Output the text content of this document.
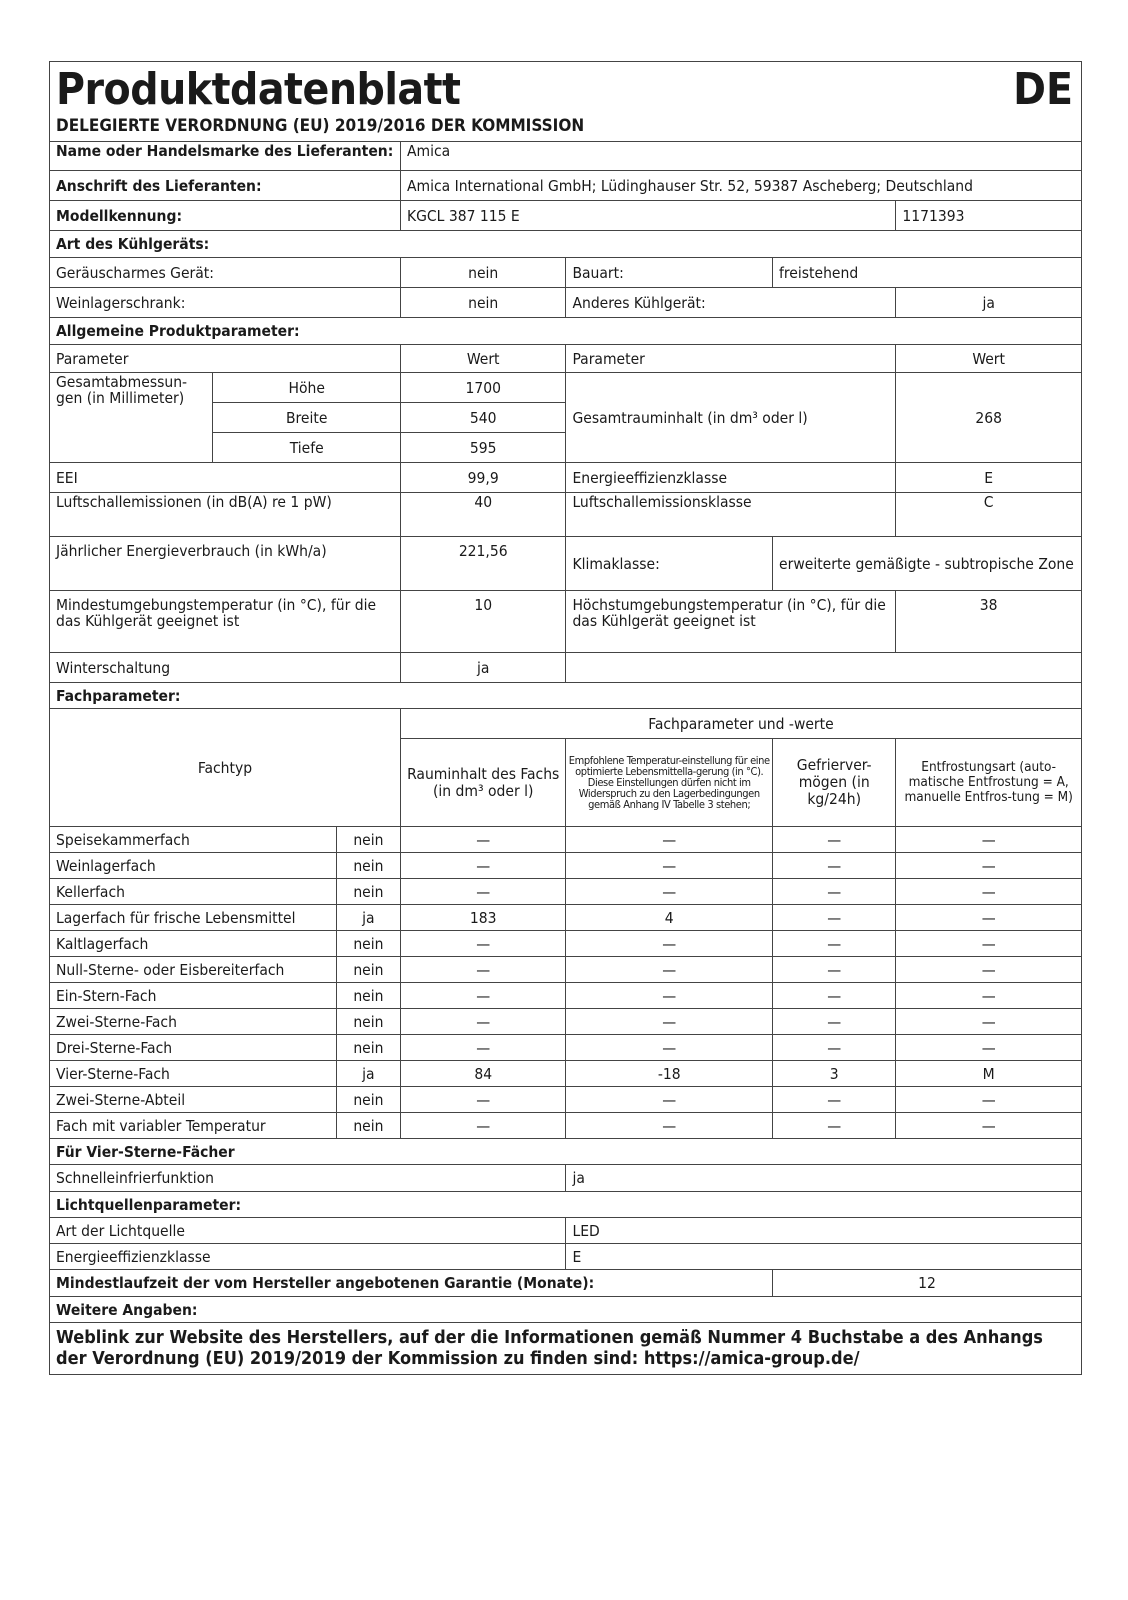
Produktdatenblatt	DE
DELEGIERTE VERORDNUNG (EU) 2019/2016 DER KOMMISSION
Name oder Handelsmarke des Lieferanten:			Amica			
Anschrift des Lieferanten:			Amica International GmbH; Lüdinghauser Str. 52, 59387 Ascheberg; Deutschland			
Modellkennung:			KGCL 387 115 E			1171393
Art des Kühlgeräts:						
Geräuscharmes Gerät:			nein	Bauart:	freistehend	
Weinlagerschrank:			nein	Anderes Kühlgerät:		ja
Allgemeine Produktparameter:						
Parameter			Wert	Parameter		Wert
Gesamtabmessun-gen (in Millimeter)	Höhe		1700	Gesamtrauminhalt (in dm³ oder l)		268
	Breite		540			
	Tiefe		595			
EEI			99,9	Energieeffizienzklasse		E
Luftschallemissionen (in dB(A) re 1 pW)			40	Luftschallemissionsklasse		C
Jährlicher Energieverbrauch (in kWh/a)			221,56	Klimaklasse:	erweiterte gemäßigte - subtropische Zone	
Mindestumgebungstemperatur (in °C), für die das Kühlgerät geeignet ist			10	Höchstumgebungstemperatur (in °C), für die das Kühlgerät geeignet ist		38
Winterschaltung			ja			
Fachparameter:						
Fachtyp			Fachparameter und -werte			
			Rauminhalt des Fachs (in dm³ oder l)	Empfohlene Temperatur-einstellung für eine optimierte Lebensmittella-gerung (in °C). Diese Einstellungen dürfen nicht im Widerspruch zu den Lagerbedingungen gemäß Anhang IV Tabelle 3 stehen;	Gefrierver-mögen (in kg/24h)	Entfrostungsart (auto-matische Entfrostung = A, manuelle Entfros-tung = M)
Speisekammerfach		nein	—	—	—	—
Weinlagerfach		nein	—	—	—	—
Kellerfach		nein	—	—	—	—
Lagerfach für frische Lebensmittel		ja	183	4	—	—
Kaltlagerfach		nein	—	—	—	—
Null-Sterne- oder Eisbereiterfach		nein	—	—	—	—
Ein-Stern-Fach		nein	—	—	—	—
Zwei-Sterne-Fach		nein	—	—	—	—
Drei-Sterne-Fach		nein	—	—	—	—
Vier-Sterne-Fach		ja	84	-18	3	M
Zwei-Sterne-Abteil		nein	—	—	—	—
Fach mit variabler Temperatur		nein	—	—	—	—
Für Vier-Sterne-Fächer						
Schnelleinfrierfunktion				ja		
Lichtquellenparameter:						
Art der Lichtquelle				LED		
Energieeffizienzklasse				E		
Mindestlaufzeit der vom Hersteller angebotenen Garantie (Monate):					12	
Weitere Angaben:						
Weblink zur Website des Herstellers, auf der die Informationen gemäß Nummer 4 Buchstabe a des Anhangs der Verordnung (EU) 2019/2019 der Kommission zu finden sind: https://amica-group.de/						
